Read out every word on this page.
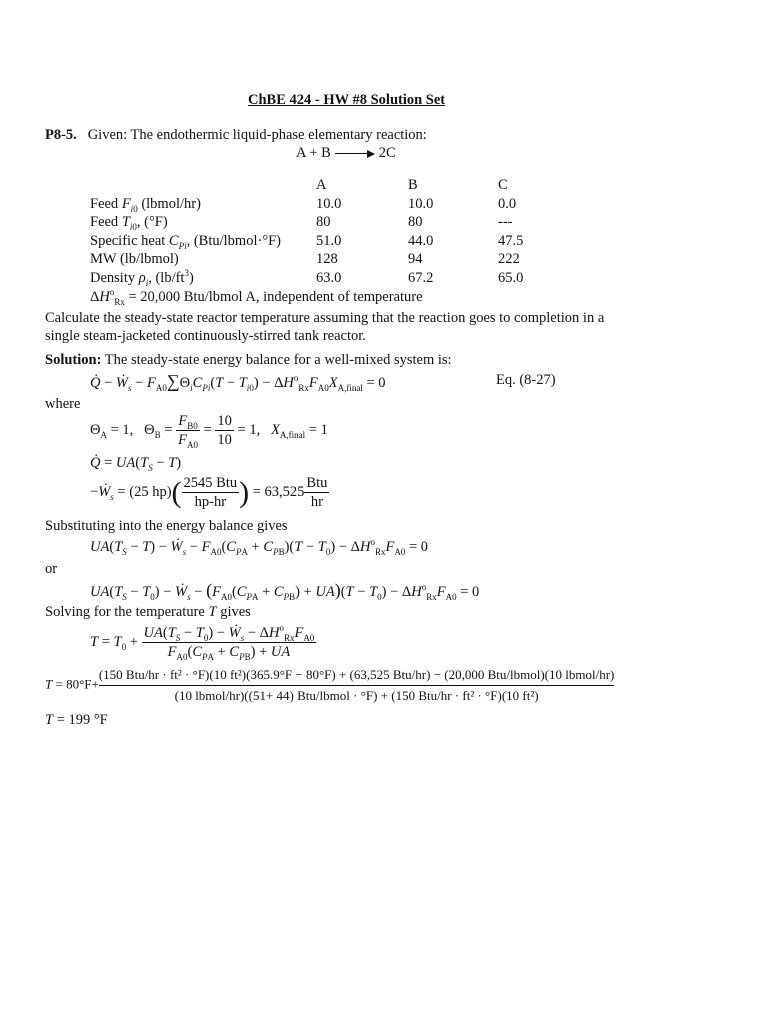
ChBE 424 - HW #8 Solution Set
P8-5. Given: The endothermic liquid-phase elementary reaction:
A + B	2C
	A	B	C
Feed $F_{i0}$ (lbmol/hr)	10.0	10.0	0.0
Feed $T_{i0}$, (°F)	80	80	---
Specific heat $C_{Pi}$, (Btu/lbmol·°F)	51.0	44.0	47.5
MW (lb/lbmol)	128	94	222
Density $\rho_i$, $(lb/ft^3)$	63.0	67.2	65.0
$\Delta H^o_{Rx} = 20,000$ Btu/lbmol A, independent of temperature
Calculate the steady-state reactor temperature assuming that the reaction goes to completion in a
single steam-jacketed continuously-stirred tank reactor.
Solution: The steady-state energy balance for a well-mixed system is:
Q̇ − Ẇ$_s$ − $F_{A0}\sum\Theta_iC_{Pi}(T - T_{i0}) - \Delta H^o_{Rx}F_{A0}X_{A,final} = 0$	Eq. (8-27)
where
$\Theta_A = 1$,   $\Theta_B = \frac{F_{B0}}{F_{A0}} = \frac{10}{10} = 1$,   $X_{A,final} = 1$
Q̇ = $UA(T_S - T)$
−Ẇ$_s$ = (25 $hp)( \frac{\text{2545 Btu}}{hp-hr}$ ) = $63,525 \frac{\text{Btu}}{hr}$
Substituting into the energy balance gives
$UA(T_S - T)$ − Ẇ$_s$ − $F_{A0}(C_{PA} + C_{PB})(T - T_0) - \Delta H^o_{Rx}F_{A0} = 0$
or
$UA(T_S - T_0)$ − Ẇ$_s$ − $(F_{A0}(C_{PA} + C_{PB}) + UA)(T - T_0) - \Delta H^o_{Rx}F_{A0} = 0$
Solving for the temperature T gives
$T = T_0 + \frac{UA(T_S - T_0) - Ẇ_s - \Delta H^o_{Rx}F_{A0}}{F_{A0}(C_{PA} + C_{PB}) + UA}$
T = 80°F+
(150 Btu/hr · ft² · °F)(10 ft²)(365.9°F − 80°F) + (63,525 Btu/hr) − (20,000 Btu/lbmol)(10 lbmol/hr)
(10 lbmol/hr)((51+ 44) Btu/lbmol · °F) + (150 Btu/hr · ft² · °F)(10 ft²)
T = 199 °F
